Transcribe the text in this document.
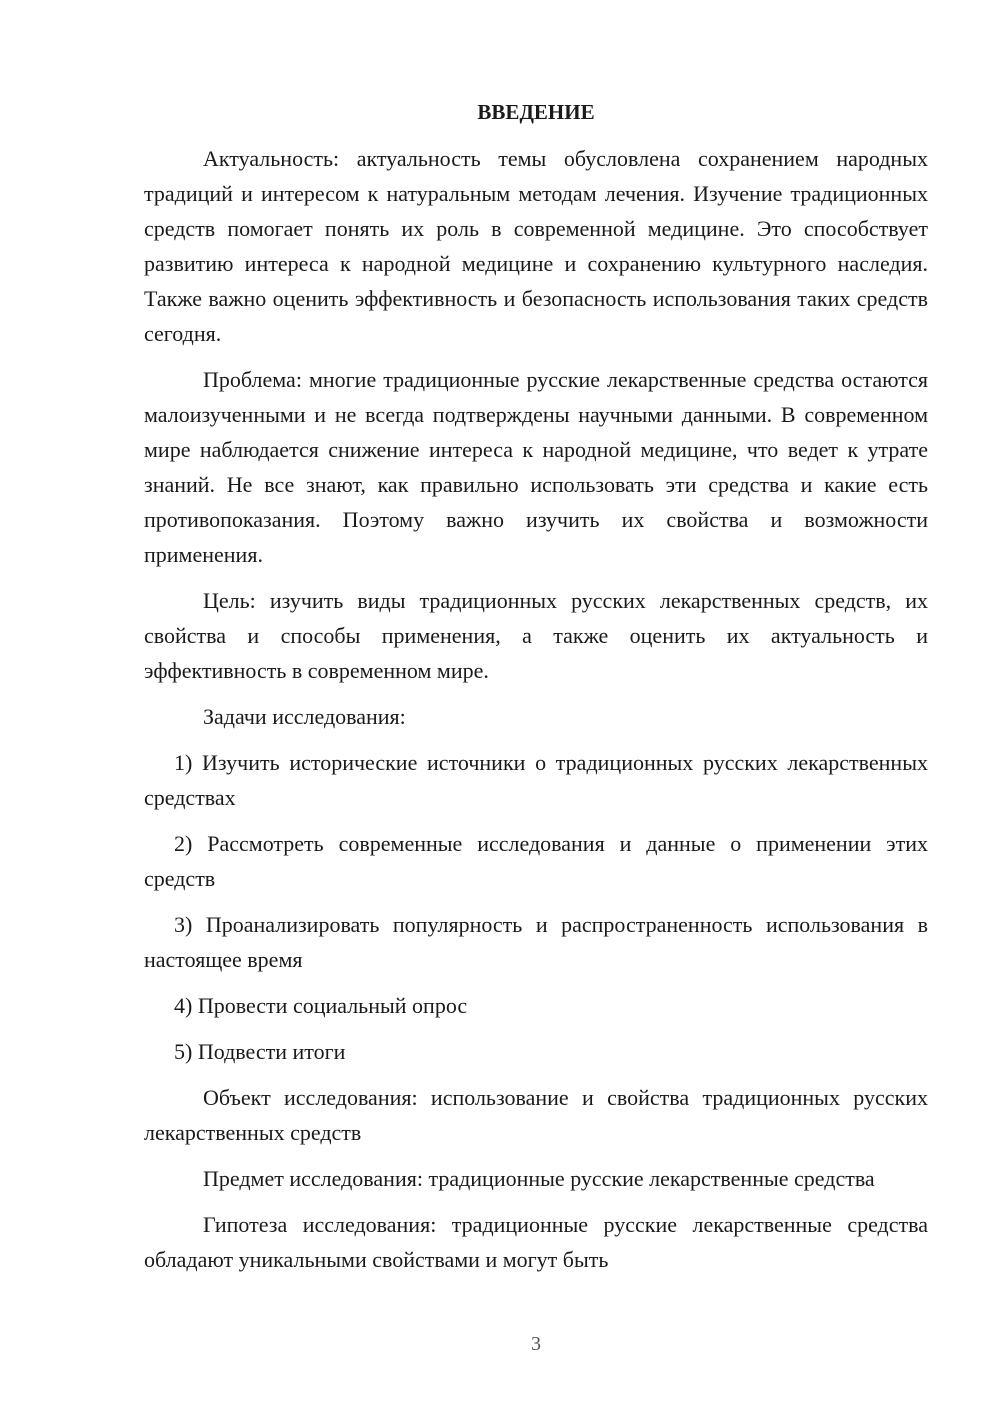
ВВЕДЕНИЕ

Актуальность: актуальность темы обусловлена сохранением народных традиций и интересом к натуральным методам лечения. Изучение традиционных средств помогает понять их роль в современной медицине. Это способствует развитию интереса к народной медицине и сохранению культурного наследия. Также важно оценить эффективность и безопасность использования таких средств сегодня.

Проблема: многие традиционные русские лекарственные средства остаются малоизученными и не всегда подтверждены научными данными. В современном мире наблюдается снижение интереса к народной медицине, что ведет к утрате знаний. Не все знают, как правильно использовать эти средства и какие есть противопоказания. Поэтому важно изучить их свойства и возможности применения.

Цель: изучить виды традиционных русских лекарственных средств, их свойства и способы применения, а также оценить их актуальность и эффективность в современном мире.

Задачи исследования:

1) Изучить исторические источники о традиционных русских лекарственных средствах

2) Рассмотреть современные исследования и данные о применении этих средств

3) Проанализировать популярность и распространенность использования в настоящее время

4) Провести социальный опрос

5) Подвести итоги

Объект исследования: использование и свойства традиционных русских лекарственных средств

Предмет исследования: традиционные русские лекарственные средства

Гипотеза исследования: традиционные русские лекарственные средства обладают уникальными свойствами и могут быть

3
